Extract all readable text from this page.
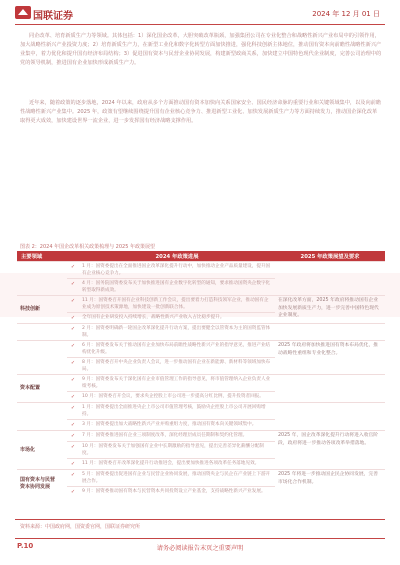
国联证券	2024 年 12 月 01 日

同企改革、培育新质生产力等领域。其体包括：1）深化国企改革，大胆突破改革瓶颈，加强集团公司在专业化整合和战略性新兴产业布局中的引领作用，加大战略性新兴产业投资力度；2）培育新质生产力，在新型工业化和数字化转型方面加快推进，强化科技创新主体地位，推动国有资本向前瞻性战略性新兴产业集中，着力优化和提升国有经济布局结构；3）促进国有资本与民营企业协同发展，构建新型政商关系，加快建立中国特色现代企业制度，完善公司治理中的党的领导机制，推进国有企业加快形成新质生产力。

近年来，随着政策的逐步落地，2024 年以来，政府从多个方面推动国有资本加快向关系国家安全、国民经济命脉的重要行业和关键领域集中，以及向前瞻性战略性新兴产业集中。2025 年，政策有望继续围绕提升国有企业核心竞争力、推进新型工业化、加快发展新质生产力等方面持续发力，推动国企深化改革取得更大成效，加快建设世界一流企业，进一步发挥国有经济战略支撑作用。

图表 2：2024 年国企改革相关政策梳理与 2025 年政策展望
主要领域		2024 年政策进展	2025 年政策展望及要求
	✓	1 月：国资委提出在全面推进国企改革深化提升行动中，加快推动企业产品质量建设，提升国有企业核心竞争力。	
	✓	4 月：国务院国资委发布关于加快推进国有企业数字化转型的通知，要求推动国资央企数字化转型取得新成效。	
科技创新	✓	11 月：国资委召开国有企业科技创新工作会议，提出要着力打造科技领军企业，推动国有企业成为原创技术策源地，加快建设一批创新联合体。	在深化改革方面，2025 年政府将推动国有企业加快发展新质生产力，进一步完善中国特色现代企业制度。
	✓	全年国有企业研发投入持续增长，战略性新兴产业收入占比稳步提升。	
	✓	2 月：国资委明确新一轮国企改革深化提升行动方案，提出要健全以管资本为主的国资监管体制。	
	✓	6 月：国资委发布关于推动国有企业加快布局前瞻性战略性新兴产业的指导意见，推进产业结构优化升级。	2025 年政府将加快推进国有资本布局优化，推动战略性重组和专业化整合。
	✓	8 月：国资委召开中央企业负责人会议，进一步推动国有企业在新能源、新材料等领域加快布局。	
资本配置	✓	9 月：国资委发布关于深化国有企业市值管理工作的指导意见，将市值管理纳入企业负责人业绩考核。	
	✓	10 月：国资委召开会议，要求央企控股上市公司进一步提高分红比例，提升投资者回报。	
	✓	1 月：国资委提出全面推进央企上市公司市值管理考核，鼓励央企控股上市公司开展回购增持。	
	✓	3 月：国资委提出加大战略性新兴产业并购重组力度，推动国有资本向关键领域集中。	
市场化	✓	7 月：国资委推进国有企业三项制度改革，深化经理层成员任期制和契约化管理。	2025 年，国企改革深化提升行动将进入收官阶段，政府将进一步推动各项改革举措落地。
	✓	10 月：国资委发布关于加强国有企业中长期激励的指导意见，提出完善差异化薪酬分配制度。	
	✓	11 月：国资委召开改革深化提升行动推进会，提出要加快推进各项改革任务落地见效。	
国有资本与民营
资本协同发展	✓	5 月：国资委提出促进国有企业与民营企业协同发展，推动国资央企与民企在产业链上下游开展合作。	2025 年将进一步推动国企民企协同发展，完善市场化合作机制。
	✓	9 月：国资委推动国有资本与民营资本共同投资设立产业基金，支持战略性新兴产业发展。	
资料来源：中国政府网，国资委官网，国联证券研究所
P.10	请务必阅读报告末页之重要声明
